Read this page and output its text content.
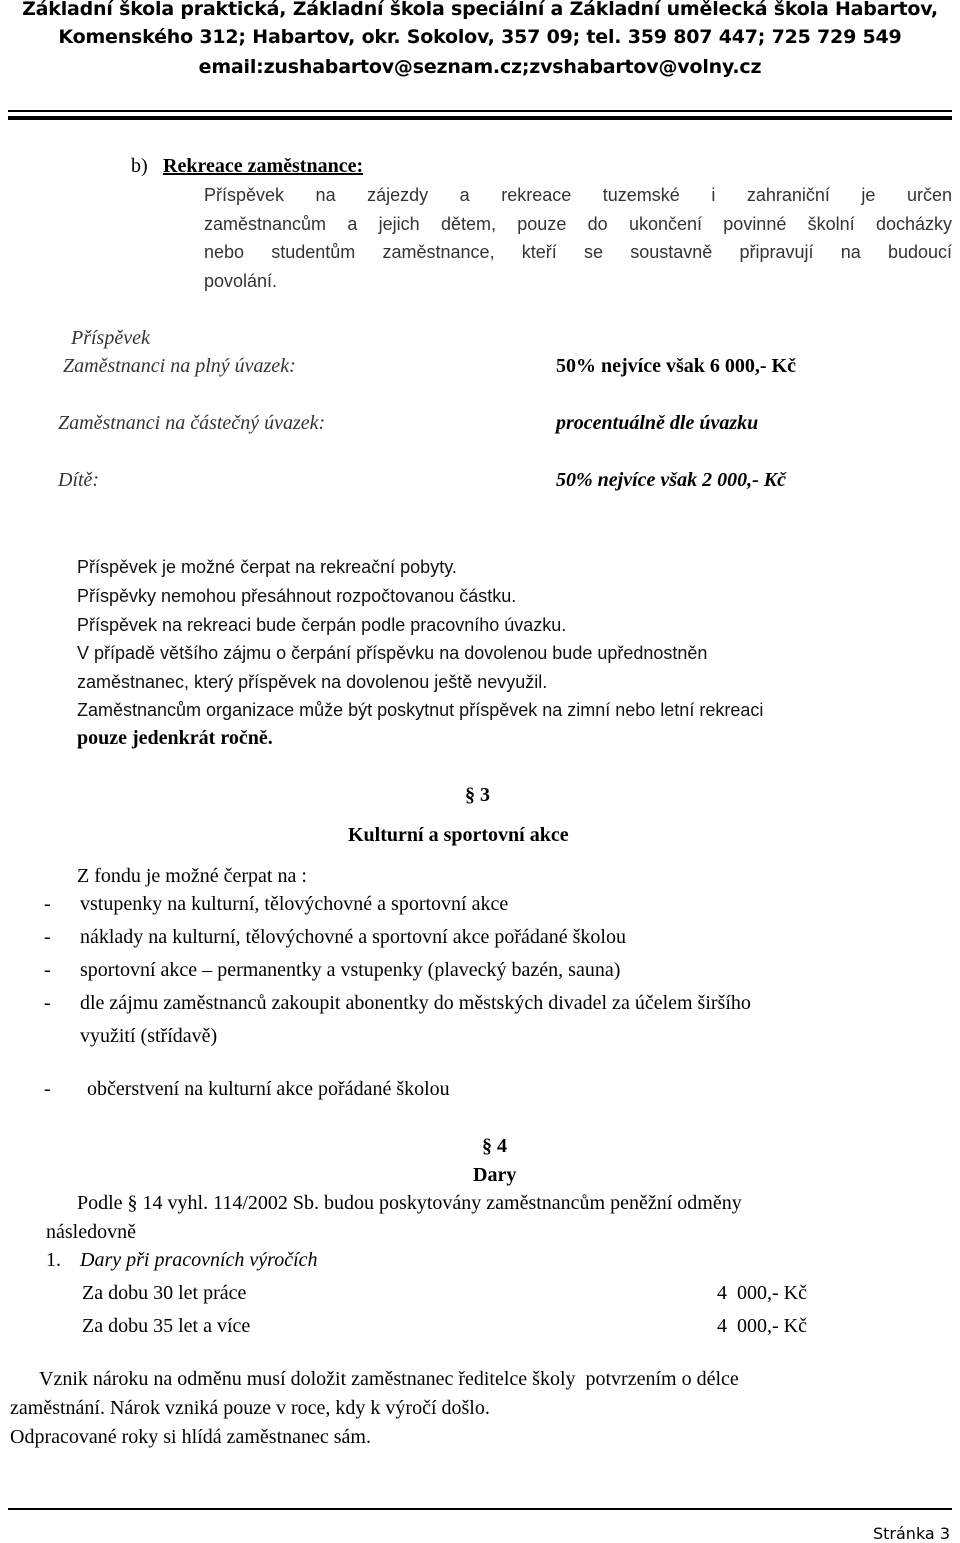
Základní škola praktická, Základní škola speciální a Základní umělecká škola Habartov,
Komenského 312; Habartov, okr. Sokolov, 357 09; tel. 359 807 447; 725 729 549
email:zushabartov@seznam.cz;zvshabartov@volny.cz
b) Rekreace zaměstnance:
Příspěvek na zájezdy a rekreace tuzemské i zahraniční je určen
zaměstnancům a jejich dětem, pouze do ukončení povinné školní docházky
nebo studentům zaměstnance, kteří se soustavně připravují na budoucí
povolání.
Příspěvek
Zaměstnanci na plný úvazek:	50% nejvíce však 6 000,- Kč
Zaměstnanci na částečný úvazek:	procentuálně dle úvazku
Dítě:	50% nejvíce však 2 000,- Kč
Příspěvek je možné čerpat na rekreační pobyty.
Příspěvky nemohou přesáhnout rozpočtovanou částku.
Příspěvek na rekreaci bude čerpán podle pracovního úvazku.
V případě většího zájmu o čerpání příspěvku na dovolenou bude upřednostněn
zaměstnanec, který příspěvek na dovolenou ještě nevyužil.
Zaměstnancům organizace může být poskytnut příspěvek na zimní nebo letní rekreaci
pouze jedenkrát ročně.
§ 3
Kulturní a sportovní akce
Z fondu je možné čerpat na :
- vstupenky na kulturní, tělovýchovné a sportovní akce
- náklady na kulturní, tělovýchovné a sportovní akce pořádané školou
- sportovní akce – permanentky a vstupenky (plavecký bazén, sauna)
- dle zájmu zaměstnanců zakoupit abonentky do městských divadel za účelem širšího
využití (střídavě)
- občerstvení na kulturní akce pořádané školou
§ 4
Dary
Podle § 14 vyhl. 114/2002 Sb. budou poskytovány zaměstnancům peněžní odměny
následovně
1. Dary při pracovních výročích
Za dobu 30 let práce	4  000,- Kč
Za dobu 35 let a více	4  000,- Kč
Vznik nároku na odměnu musí doložit zaměstnanec ředitelce školy  potvrzením o délce
zaměstnání. Nárok vzniká pouze v roce, kdy k výročí došlo.
Odpracované roky si hlídá zaměstnanec sám.
Stránka 3
